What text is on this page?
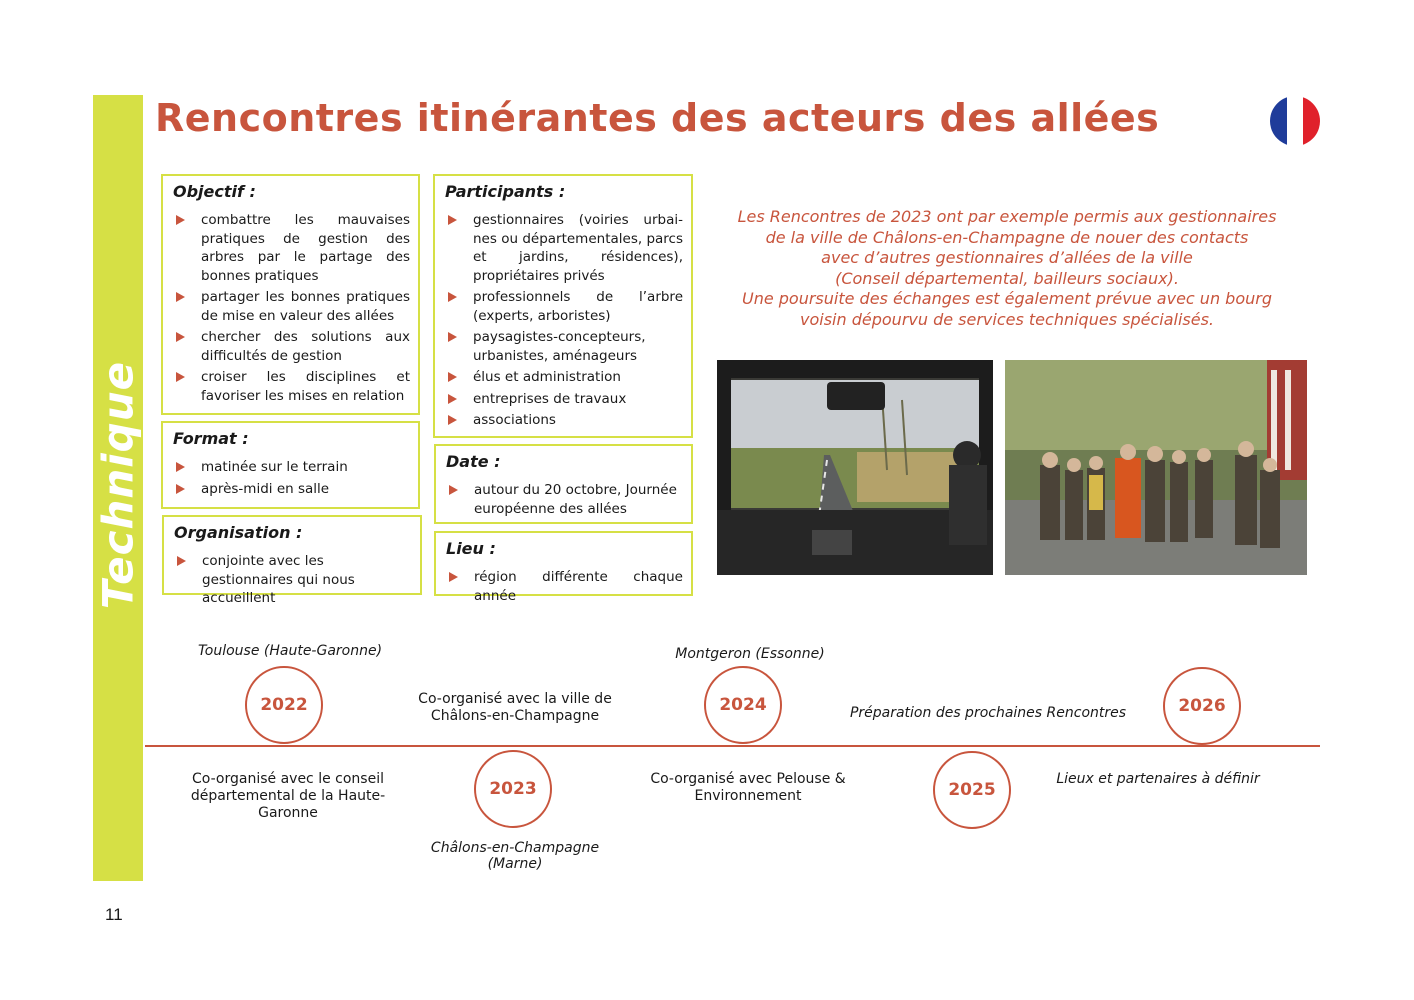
Technique
Rencontres itinérantes des acteurs des allées
Objectif :
combattre les mauvaises pratiques de gestion des arbres par le partage des bonnes pratiques
partager les bonnes pratiques de mise en valeur des allées
chercher des solutions aux difficultés de gestion
croiser les disciplines et favoriser les mises en relation
Format :
matinée sur le terrain
après-midi en salle
Organisation :
conjointe avec les gestionnaires qui nous accueillent
Participants :
gestionnaires (voiries urbai-nes ou départementales, parcs et jardins, résidences), propriétaires privés
professionnels de l’arbre (experts, arboristes)
paysagistes-concepteurs, urbanistes, aménageurs
élus et administration
entreprises de travaux
associations
Date :
autour du 20 octobre, Journée européenne des allées
Lieu :
région différente chaque année

Les Rencontres de 2023 ont par exemple permis aux gestionnaires

de la ville de Châlons-en-Champagne de nouer des contacts

avec d’autres gestionnaires d’allées de la ville

(Conseil départemental, bailleurs sociaux).

Une poursuite des échanges est également prévue avec un bourg

voisin dépourvu de services techniques spécialisés.

Toulouse (Haute-Garonne)
2022
Co-organisé avec le conseil départemental de la Haute-Garonne
Co-organisé avec la ville de Châlons-en-Champagne
2023
Châlons-en-Champagne (Marne)
Montgeron (Essonne)
2024
Co-organisé avec Pelouse & Environnement
Préparation des prochaines Rencontres
2025
2026
Lieux et partenaires à définir
11
